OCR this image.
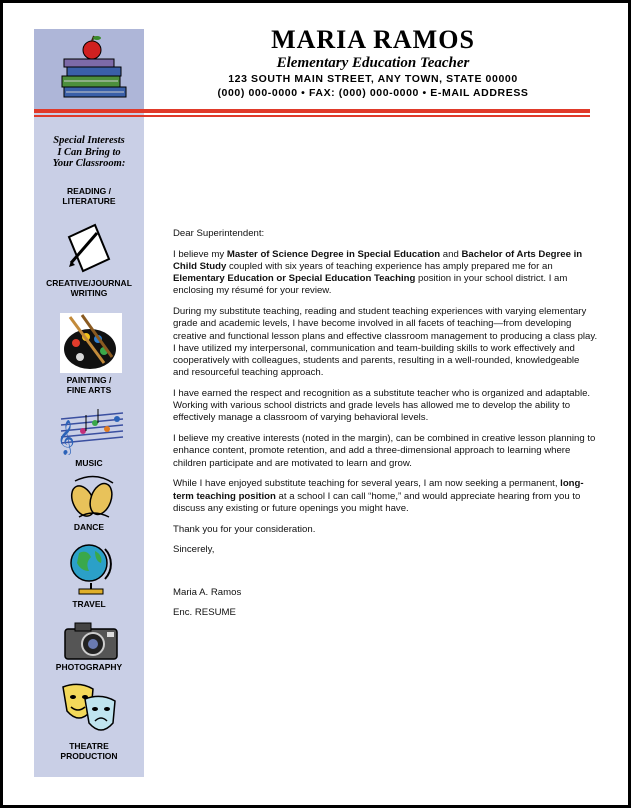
MARIA RAMOS
Elementary Education Teacher
123 SOUTH MAIN STREET, ANY TOWN, STATE 00000
(000) 000-0000 • FAX: (000) 000-0000 • E-MAIL ADDRESS
Special Interests
I Can Bring to
Your Classroom:
READING /
LITERATURE
CREATIVE/JOURNAL
WRITING
PAINTING /
FINE ARTS
𝄞
MUSIC
DANCE
TRAVEL
PHOTOGRAPHY
THEATRE
PRODUCTION

Dear Superintendent:

I believe my Master of Science Degree in Special Education and Bachelor of Arts Degree in Child Study coupled with six years of teaching experience has amply prepared me for an Elementary Education or Special Education Teaching position in your school district. I am enclosing my résumé for your review.

During my substitute teaching, reading and student teaching experiences with varying elementary grade and academic levels, I have become involved in all facets of teaching—from developing creative and functional lesson plans and effective classroom management to producing a class play. I have utilized my interpersonal, communication and team-building skills to work effectively and cooperatively with colleagues, students and parents, resulting in a well-rounded, knowledgeable and resourceful teaching approach.

I have earned the respect and recognition as a substitute teacher who is organized and adaptable. Working with various school districts and grade levels has allowed me to develop the ability to effectively manage a classroom of varying behavioral levels.

I believe my creative interests (noted in the margin), can be combined in creative lesson planning to enhance content, promote retention, and add a three-dimensional approach to learning where children participate and are motivated to learn and grow.

While I have enjoyed substitute teaching for several years, I am now seeking a permanent, long-term teaching position at a school I can call “home,” and would appreciate hearing from you to discuss any existing or future openings you might have.

Thank you for your consideration.

Sincerely,

Maria A. Ramos

Enc. RESUME
